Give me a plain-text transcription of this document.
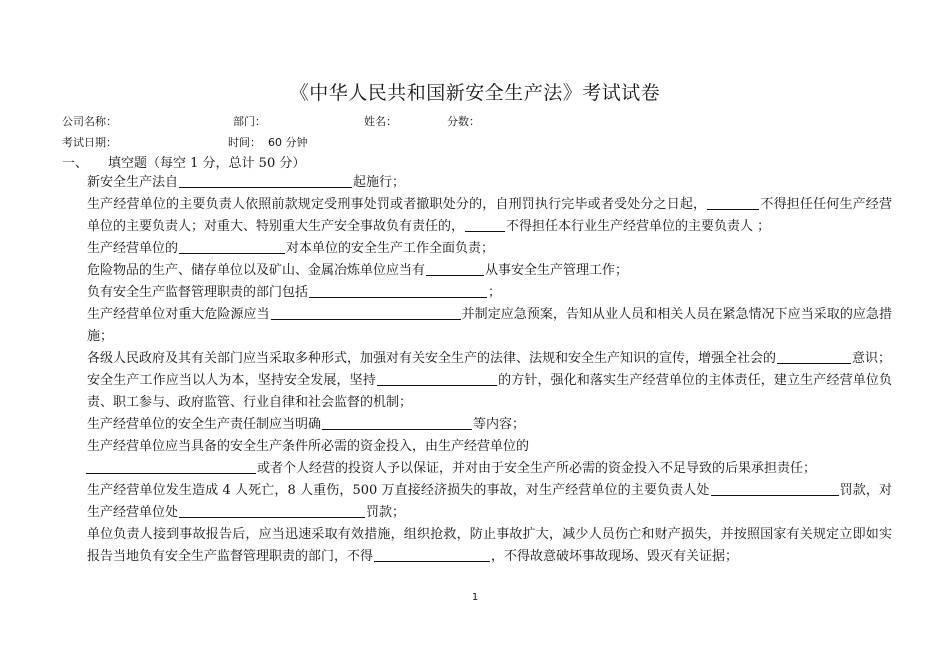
《中华人民共和国新安全生产法》考试试卷
公司名称：	部门：	姓名：	分数：
考试日期：	时间： 60 分钟
一、 填空题（每空 1 分，总计 50 分）

新安全生产法自	起施行；

生产经营单位的主要负责人依照前款规定受刑事处罚或者撤职处分的，自刑罚执行完毕或者受处分之日起，	不得担任任何生产经营单位的主要负责人；对重大、特别重大生产安全事故负有责任的，	不得担任本行业生产经营单位的主要负责人 ；

生产经营单位的	对本单位的安全生产工作全面负责；

危险物品的生产、储存单位以及矿山、金属冶炼单位应当有	从事安全生产管理工作；

负有安全生产监督管理职责的部门包括	；

生产经营单位对重大危险源应当	并制定应急预案，告知从业人员和相关人员在紧急情况下应当采取的应急措施；

各级人民政府及其有关部门应当采取多种形式，加强对有关安全生产的法律、法规和安全生产知识的宣传，增强全社会的	意识；

安全生产工作应当以人为本，坚持安全发展，坚持	的方针，强化和落实生产经营单位的主体责任，建立生产经营单位负责、职工参与、政府监管、行业自律和社会监督的机制；

生产经营单位的安全生产责任制应当明确	等内容；

生产经营单位应当具备的安全生产条件所必需的资金投入，由生产经营单位的
或者个人经营的投资人予以保证，并对由于安全生产所必需的资金投入不足导致的后果承担责任；

生产经营单位发生造成 4 人死亡，8 人重伤，500 万直接经济损失的事故，对生产经营单位的主要负责人处	罚款，对生产经营单位处	罚款；

单位负责人接到事故报告后，应当迅速采取有效措施，组织抢救，防止事故扩大，减少人员伤亡和财产损失，并按照国家有关规定立即如实报告当地负有安全生产监督管理职责的部门，不得	，不得故意破坏事故现场、毁灭有关证据；

1
